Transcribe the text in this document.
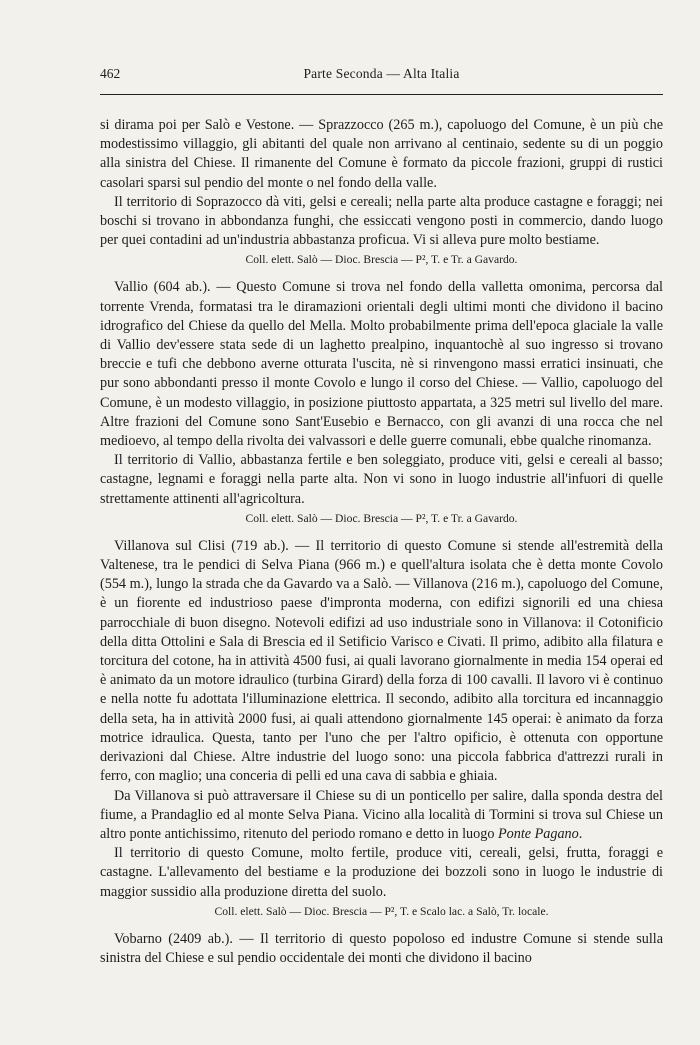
462	Parte Seconda — Alta Italia

si dirama poi per Salò e Vestone. — Sprazzocco (265 m.), capoluogo del Comune, è un più che modestissimo villaggio, gli abitanti del quale non arrivano al centinaio, sedente su di un poggio alla sinistra del Chiese. Il rimanente del Comune è formato da piccole frazioni, gruppi di rustici casolari sparsi sul pendio del monte o nel fondo della valle.

Il territorio di Soprazocco dà viti, gelsi e cereali; nella parte alta produce castagne e foraggi; nei boschi si trovano in abbondanza funghi, che essiccati vengono posti in commercio, dando luogo per quei contadini ad un'industria abbastanza proficua. Vi si alleva pure molto bestiame.

Coll. elett. Salò — Dioc. Brescia — P², T. e Tr. a Gavardo.

Vallio (604 ab.). — Questo Comune si trova nel fondo della valletta omonima, percorsa dal torrente Vrenda, formatasi tra le diramazioni orientali degli ultimi monti che dividono il bacino idrografico del Chiese da quello del Mella. Molto probabilmente prima dell'epoca glaciale la valle di Vallio dev'essere stata sede di un laghetto prealpino, inquantochè al suo ingresso si trovano breccie e tufi che debbono averne otturata l'uscita, nè si rinvengono massi erratici insinuati, che pur sono abbondanti presso il monte Covolo e lungo il corso del Chiese. — Vallio, capoluogo del Comune, è un modesto villaggio, in posizione piuttosto appartata, a 325 metri sul livello del mare. Altre frazioni del Comune sono Sant'Eusebio e Bernacco, con gli avanzi di una rocca che nel medioevo, al tempo della rivolta dei valvassori e delle guerre comunali, ebbe qualche rinomanza.

Il territorio di Vallio, abbastanza fertile e ben soleggiato, produce viti, gelsi e cereali al basso; castagne, legnami e foraggi nella parte alta. Non vi sono in luogo industrie all'infuori di quelle strettamente attinenti all'agricoltura.

Coll. elett. Salò — Dioc. Brescia — P², T. e Tr. a Gavardo.

Villanova sul Clisi (719 ab.). — Il territorio di questo Comune si stende all'estremità della Valtenese, tra le pendici di Selva Piana (966 m.) e quell'altura isolata che è detta monte Covolo (554 m.), lungo la strada che da Gavardo va a Salò. — Villanova (216 m.), capoluogo del Comune, è un fiorente ed industrioso paese d'impronta moderna, con edifizi signorili ed una chiesa parrocchiale di buon disegno. Notevoli edifizi ad uso industriale sono in Villanova: il Cotonificio della ditta Ottolini e Sala di Brescia ed il Setificio Varisco e Civati. Il primo, adibito alla filatura e torcitura del cotone, ha in attività 4500 fusi, ai quali lavorano giornalmente in media 154 operai ed è animato da un motore idraulico (turbina Girard) della forza di 100 cavalli. Il lavoro vi è continuo e nella notte fu adottata l'illuminazione elettrica. Il secondo, adibito alla torcitura ed incannaggio della seta, ha in attività 2000 fusi, ai quali attendono giornalmente 145 operai: è animato da forza motrice idraulica. Questa, tanto per l'uno che per l'altro opificio, è ottenuta con opportune derivazioni dal Chiese. Altre industrie del luogo sono: una piccola fabbrica d'attrezzi rurali in ferro, con maglio; una conceria di pelli ed una cava di sabbia e ghiaia.

Da Villanova si può attraversare il Chiese su di un ponticello per salire, dalla sponda destra del fiume, a Prandaglio ed al monte Selva Piana. Vicino alla località di Tormini si trova sul Chiese un altro ponte antichissimo, ritenuto del periodo romano e detto in luogo Ponte Pagano.

Il territorio di questo Comune, molto fertile, produce viti, cereali, gelsi, frutta, foraggi e castagne. L'allevamento del bestiame e la produzione dei bozzoli sono in luogo le industrie di maggior sussidio alla produzione diretta del suolo.

Coll. elett. Salò — Dioc. Brescia — P², T. e Scalo lac. a Salò, Tr. locale.

Vobarno (2409 ab.). — Il territorio di questo popoloso ed industre Comune si stende sulla sinistra del Chiese e sul pendio occidentale dei monti che dividono il bacino
